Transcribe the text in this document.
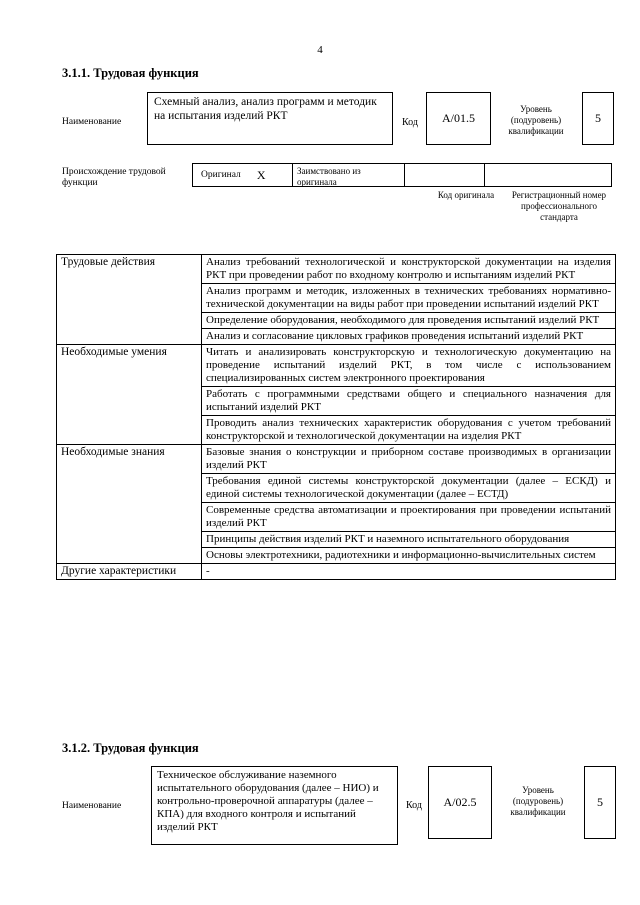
4
3.1.1. Трудовая функция
Наименование
Схемный анализ, анализ программ и методик на испытания изделий РКТ
Код	A/01.5
Уровень (подуровень) квалификации
5
Происхождение трудовой функции
Оригинал X	Заимствовано из оригинала
Код оригинала	Регистрационный номер профессионального стандарта
Трудовые действия	Анализ требований технологической и конструкторской документации на изделия РКТ при проведении работ по входному контролю и испытаниям изделий РКТ
	Анализ программ и методик, изложенных в технических требованиях нормативно-технической документации на виды работ при проведении испытаний изделий РКТ
	Определение оборудования, необходимого для проведения испытаний изделий РКТ
	Анализ и согласование цикловых графиков проведения испытаний изделий РКТ
Необходимые умения	Читать и анализировать конструкторскую и технологическую документацию на проведение испытаний изделий РКТ, в том числе с использованием специализированных систем электронного проектирования
	Работать с программными средствами общего и специального назначения для испытаний изделий РКТ
	Проводить анализ технических характеристик оборудования с учетом требований конструкторской и технологической документации на изделия РКТ
Необходимые знания	Базовые знания о конструкции и приборном составе производимых в организации изделий РКТ
	Требования единой системы конструкторской документации (далее – ЕСКД) и единой системы технологической документации (далее – ЕСТД)
	Современные средства автоматизации и проектирования при проведении испытаний изделий РКТ
	Принципы действия изделий РКТ и наземного испытательного оборудования
	Основы электротехники, радиотехники и информационно-вычислительных систем
Другие характеристики	-
3.1.2. Трудовая функция
Наименование
Техническое обслуживание наземного испытательного оборудования (далее – НИО) и контрольно-проверочной аппаратуры (далее – КПА) для входного контроля и испытаний изделий РКТ
Код	A/02.5
Уровень (подуровень) квалификации
5
